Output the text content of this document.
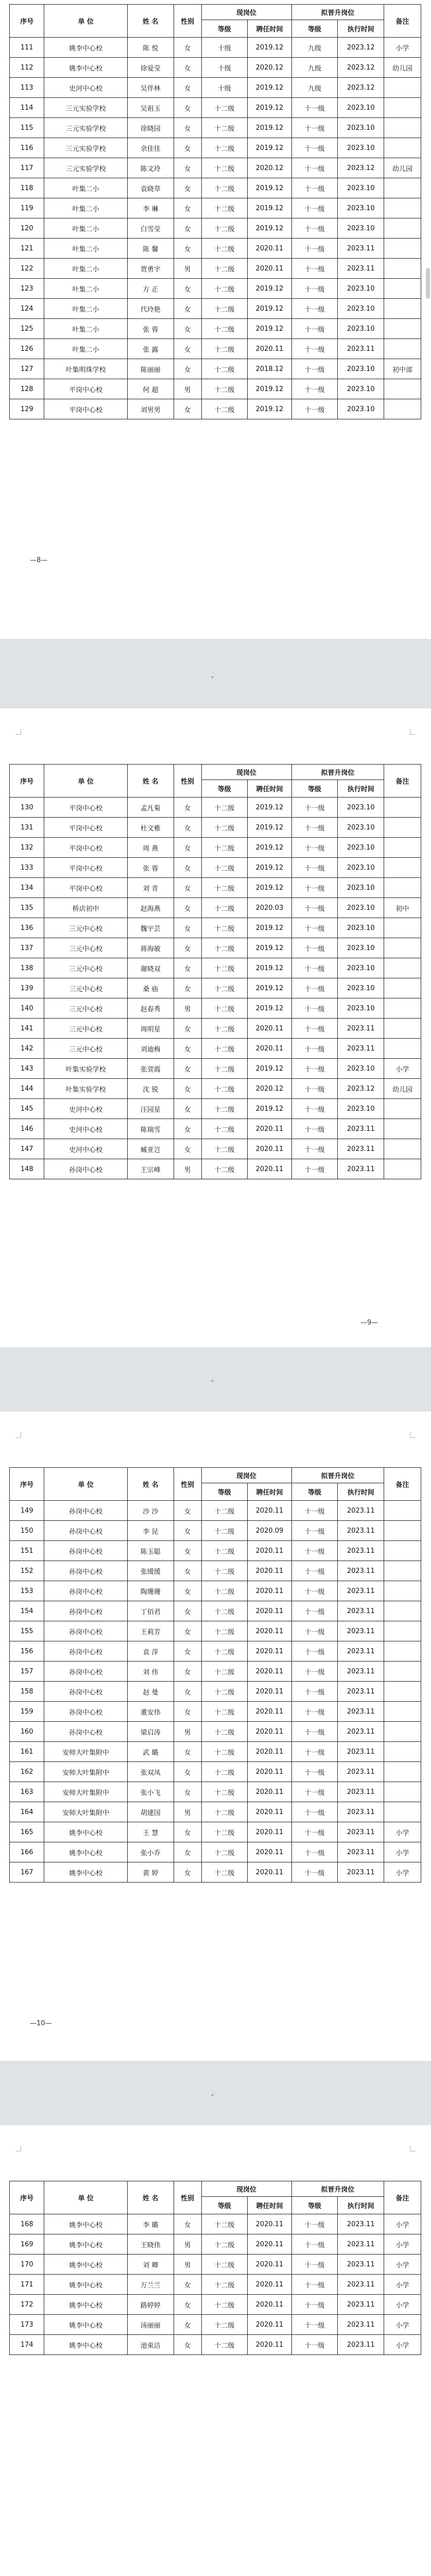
序号	单 位	姓 名	性别	现岗位		拟晋升岗位		备注
				等级	聘任时间	等级	执行时间	
111	姚李中心校	陈 悦	女	十级	2019.12	九级	2023.12	小学
112	姚李中心校	徐爱莹	女	十级	2020.12	九级	2023.12	幼儿园
113	史河中心校	吴伴林	女	十级	2019.12	九级	2023.12	
114	三元实验学校	吴祖玉	女	十二级	2019.12	十一级	2023.10	
115	三元实验学校	徐晓园	女	十二级	2019.12	十一级	2023.10	
116	三元实验学校	余佳佳	女	十二级	2019.12	十一级	2023.10	
117	三元实验学校	陈文玲	女	十二级	2020.12	十一级	2023.12	幼儿园
118	叶集二小	袁晓草	女	十二级	2019.12	十一级	2023.10	
119	叶集二小	李 琳	女	十二级	2019.12	十一级	2023.10	
120	叶集二小	白雪莹	女	十二级	2019.12	十一级	2023.10	
121	叶集二小	陈 馨	女	十二级	2020.11	十一级	2023.11	
122	叶集二小	贾勇宇	男	十二级	2020.11	十一级	2023.11	
123	叶集二小	方 正	女	十二级	2019.12	十一级	2023.10	
124	叶集二小	代玲艳	女	十二级	2019.12	十一级	2023.10	
125	叶集二小	张 蓉	女	十二级	2019.12	十一级	2023.10	
126	叶集二小	张 露	女	十二级	2020.11	十一级	2023.11	
127	叶集明珠学校	陈丽丽	女	十二级	2018.12	十一级	2023.10	初中部
128	平岗中心校	何 超	男	十二级	2019.12	十一级	2023.10	
129	平岗中心校	刘男男	女	十二级	2019.12	十一级	2023.10	
—8—
▾
序号	单 位	姓 名	性别	现岗位		拟晋升岗位		备注
				等级	聘任时间	等级	执行时间	
130	平岗中心校	孟凡菊	女	十二级	2019.12	十一级	2023.10	
131	平岗中心校	杜文雅	女	十二级	2019.12	十一级	2023.10	
132	平岗中心校	周 燕	女	十二级	2019.12	十一级	2023.10	
133	平岗中心校	张 蓉	女	十二级	2019.12	十一级	2023.10	
134	平岗中心校	刘 青	女	十二级	2019.12	十一级	2023.10	
135	桥店初中	赵海燕	女	十二级	2020.03	十一级	2023.10	初中
136	三元中心校	魏宇芸	女	十二级	2019.12	十一级	2023.10	
137	三元中心校	蒋海敏	女	十二级	2019.12	十一级	2023.10	
138	三元中心校	谢晓双	女	十二级	2019.12	十一级	2023.10	
139	三元中心校	桑 庙	女	十二级	2019.12	十一级	2023.10	
140	三元中心校	赵春秀	男	十二级	2019.12	十一级	2023.10	
141	三元中心校	周明星	女	十二级	2020.11	十一级	2023.11	
142	三元中心校	刘迪梅	女	十二级	2020.11	十一级	2023.11	
143	叶集实验学校	张萱霞	女	十二级	2019.12	十一级	2023.10	小学
144	叶集实验学校	沈 锐	女	十二级	2020.12	十一级	2023.12	幼儿园
145	史河中心校	汪园星	女	十二级	2019.12	十一级	2023.10	
146	史河中心校	陈瑞雪	女	十二级	2020.11	十一级	2023.11	
147	史河中心校	臧亚岂	女	十二级	2020.11	十一级	2023.11	
148	孙岗中心校	王宗峰	男	十二级	2020.11	十一级	2023.11	
—9—
▾
序号	单 位	姓 名	性别	现岗位		拟晋升岗位		备注
				等级	聘任时间	等级	执行时间	
149	孙岗中心校	沙 沙	女	十二级	2020.11	十一级	2023.11	
150	孙岗中心校	李 昆	女	十二级	2020.09	十一级	2023.11	
151	孙岗中心校	陈玉聪	女	十二级	2020.11	十一级	2023.11	
152	孙岗中心校	张缓缓	女	十二级	2020.11	十一级	2023.11	
153	孙岗中心校	陶珊珊	女	十二级	2020.11	十一级	2023.11	
154	孙岗中心校	丁佰君	女	十二级	2020.11	十一级	2023.11	
155	孙岗中心校	王莉芳	女	十二级	2020.11	十一级	2023.11	
156	孙岗中心校	袁 萍	女	十二级	2020.11	十一级	2023.11	
157	孙岗中心校	刘 伟	女	十二级	2020.11	十一级	2023.11	
158	孙岗中心校	赵 曼	女	十二级	2020.11	十一级	2023.11	
159	孙岗中心校	董安伟	女	十二级	2020.11	十一级	2023.11	
160	孙岗中心校	梁启涛	男	十二级	2020.11	十一级	2023.11	
161	安师大叶集附中	武 璐	女	十二级	2020.11	十一级	2023.11	
162	安师大叶集附中	张双凤	女	十二级	2020.11	十一级	2023.11	
163	安师大叶集附中	张小飞	女	十二级	2020.11	十一级	2023.11	
164	安师大叶集附中	胡建国	男	十二级	2020.11	十一级	2023.11	
165	姚李中心校	王 慧	女	十二级	2020.11	十一级	2023.11	小学
166	姚李中心校	张小乔	女	十二级	2020.11	十一级	2023.11	小学
167	姚李中心校	黄 婷	女	十二级	2020.11	十一级	2023.11	小学
—10—
▾
序号	单 位	姓 名	性别	现岗位		拟晋升岗位		备注
				等级	聘任时间	等级	执行时间	
168	姚李中心校	李 璐	女	十二级	2020.11	十一级	2023.11	小学
169	姚李中心校	王晓伟	男	十二级	2020.11	十一级	2023.11	小学
170	姚李中心校	刘 卿	男	十二级	2020.11	十一级	2023.11	小学
171	姚李中心校	万兰兰	女	十二级	2020.11	十一级	2023.11	小学
172	姚李中心校	路婷婷	女	十二级	2020.11	十一级	2023.11	小学
173	姚李中心校	汤丽丽	女	十二级	2020.11	十一级	2023.11	小学
174	姚李中心校	池束洁	女	十二级	2020.11	十一级	2023.11	小学
